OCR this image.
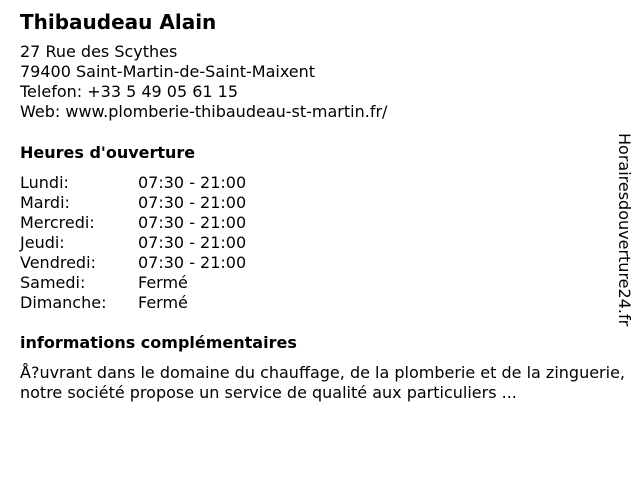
Thibaudeau Alain
27 Rue des Scythes
79400 Saint-Martin-de-Saint-Maixent
Telefon: +33 5 49 05 61 15
Web: www.plomberie-thibaudeau-st-martin.fr/
Heures d'ouverture
Lundi:	07:30 - 21:00
Mardi:	07:30 - 21:00
Mercredi:	07:30 - 21:00
Jeudi:	07:30 - 21:00
Vendredi:	07:30 - 21:00
Samedi:	Fermé
Dimanche:	Fermé
informations complémentaires
Å?uvrant dans le domaine du chauffage, de la plomberie et de la zinguerie, notre société propose un service de qualité aux particuliers ...
Horairesdouverture24.fr
